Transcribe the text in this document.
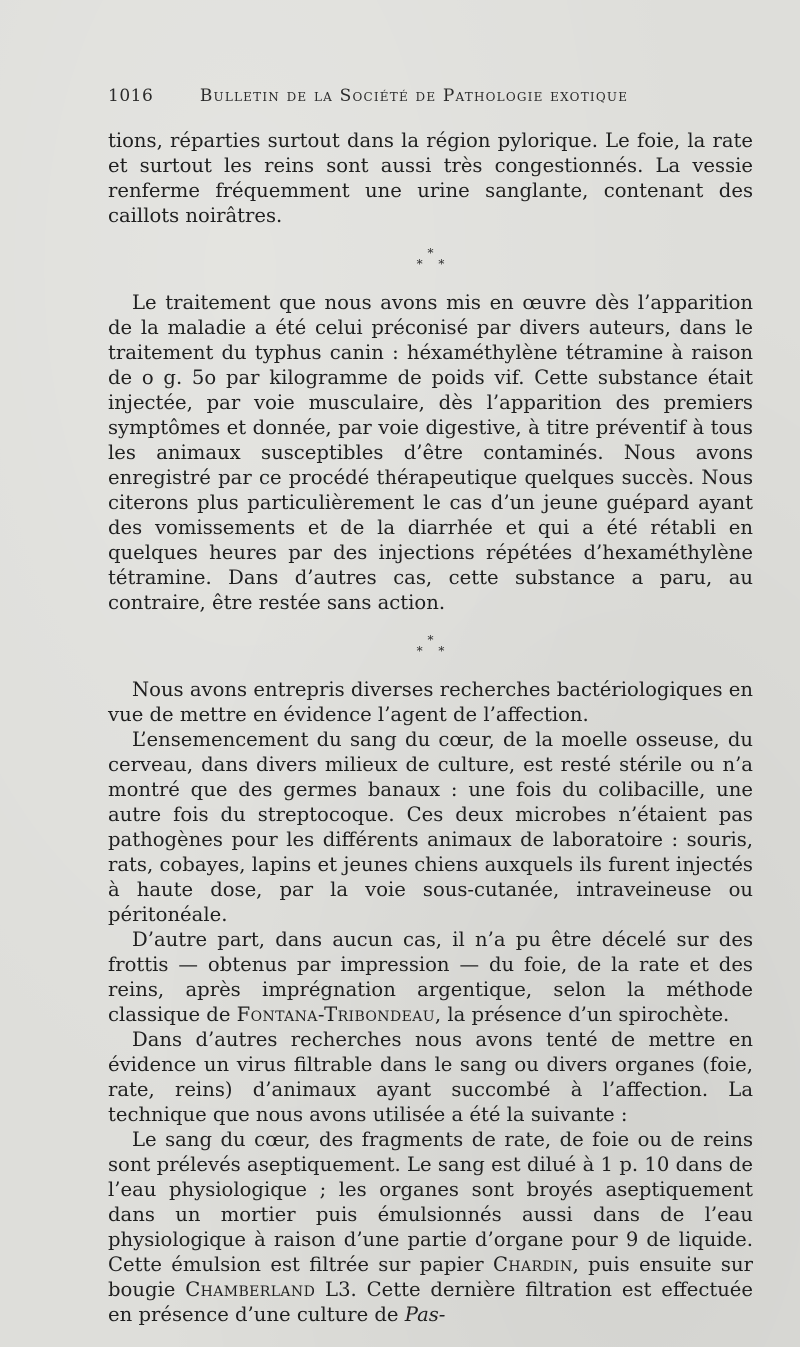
1016	Bulletin de la Société de Pathologie exotique

tions, réparties surtout dans la région pylorique. Le foie, la rate et surtout les reins sont aussi très congestionnés. La vessie renferme fréquemment une urine sanglante, contenant des caillots noirâtres.

*
* *

Le traitement que nous avons mis en œuvre dès l’apparition de la maladie a été celui préconisé par divers auteurs, dans le traitement du typhus canin : héxaméthylène tétramine à raison de o g. 5o par kilogramme de poids vif. Cette substance était injectée, par voie musculaire, dès l’apparition des premiers symptômes et donnée, par voie digestive, à titre préventif à tous les animaux susceptibles d’être contaminés. Nous avons enregistré par ce procédé thérapeutique quelques succès. Nous citerons plus particulièrement le cas d’un jeune guépard ayant des vomissements et de la diarrhée et qui a été rétabli en quelques heures par des injections répétées d’hexaméthylène tétramine. Dans d’autres cas, cette substance a paru, au contraire, être restée sans action.

*
* *

Nous avons entrepris diverses recherches bactériologiques en vue de mettre en évidence l’agent de l’affection.

L’ensemencement du sang du cœur, de la moelle osseuse, du cerveau, dans divers milieux de culture, est resté stérile ou n’a montré que des germes banaux : une fois du colibacille, une autre fois du streptocoque. Ces deux microbes n’étaient pas pathogènes pour les différents animaux de laboratoire : souris, rats, cobayes, lapins et jeunes chiens auxquels ils furent injectés à haute dose, par la voie sous-cutanée, intraveineuse ou péritonéale.

D’autre part, dans aucun cas, il n’a pu être décelé sur des frottis — obtenus par impression — du foie, de la rate et des reins, après imprégnation argentique, selon la méthode classique de Fontana-Tribondeau, la présence d’un spirochète.

Dans d’autres recherches nous avons tenté de mettre en évidence un virus filtrable dans le sang ou divers organes (foie, rate, reins) d’animaux ayant succombé à l’affection. La technique que nous avons utilisée a été la suivante :

Le sang du cœur, des fragments de rate, de foie ou de reins sont prélevés aseptiquement. Le sang est dilué à 1 p. 10 dans de l’eau physiologique ; les organes sont broyés aseptiquement dans un mortier puis émulsionnés aussi dans de l’eau physiologique à raison d’une partie d’organe pour 9 de liquide. Cette émulsion est filtrée sur papier Chardin, puis ensuite sur bougie Chamberland L3. Cette dernière filtration est effectuée en présence d’une culture de Pas-
